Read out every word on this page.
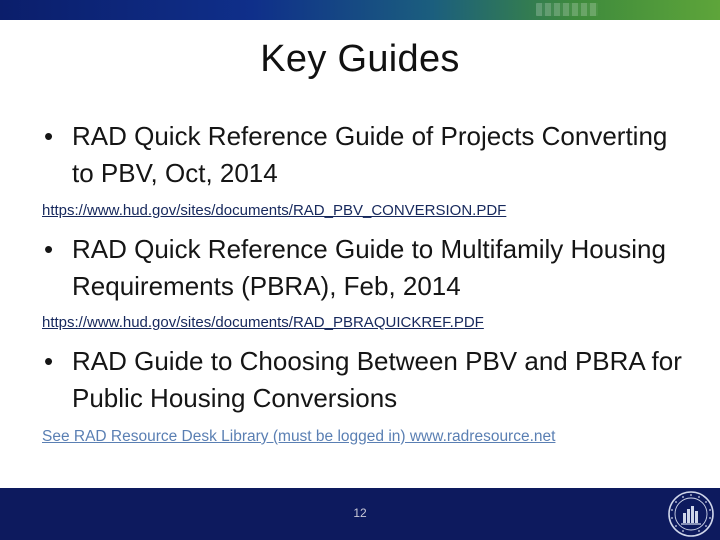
Key Guides
• RAD Quick Reference Guide of Projects Converting to PBV, Oct, 2014
https://www.hud.gov/sites/documents/RAD_PBV_CONVERSION.PDF
• RAD Quick Reference Guide to Multifamily Housing Requirements (PBRA), Feb, 2014
https://www.hud.gov/sites/documents/RAD_PBRAQUICKREF.PDF
• RAD Guide to Choosing Between PBV and PBRA for Public Housing Conversions
See RAD Resource Desk Library (must be logged in) www.radresource.net
12
